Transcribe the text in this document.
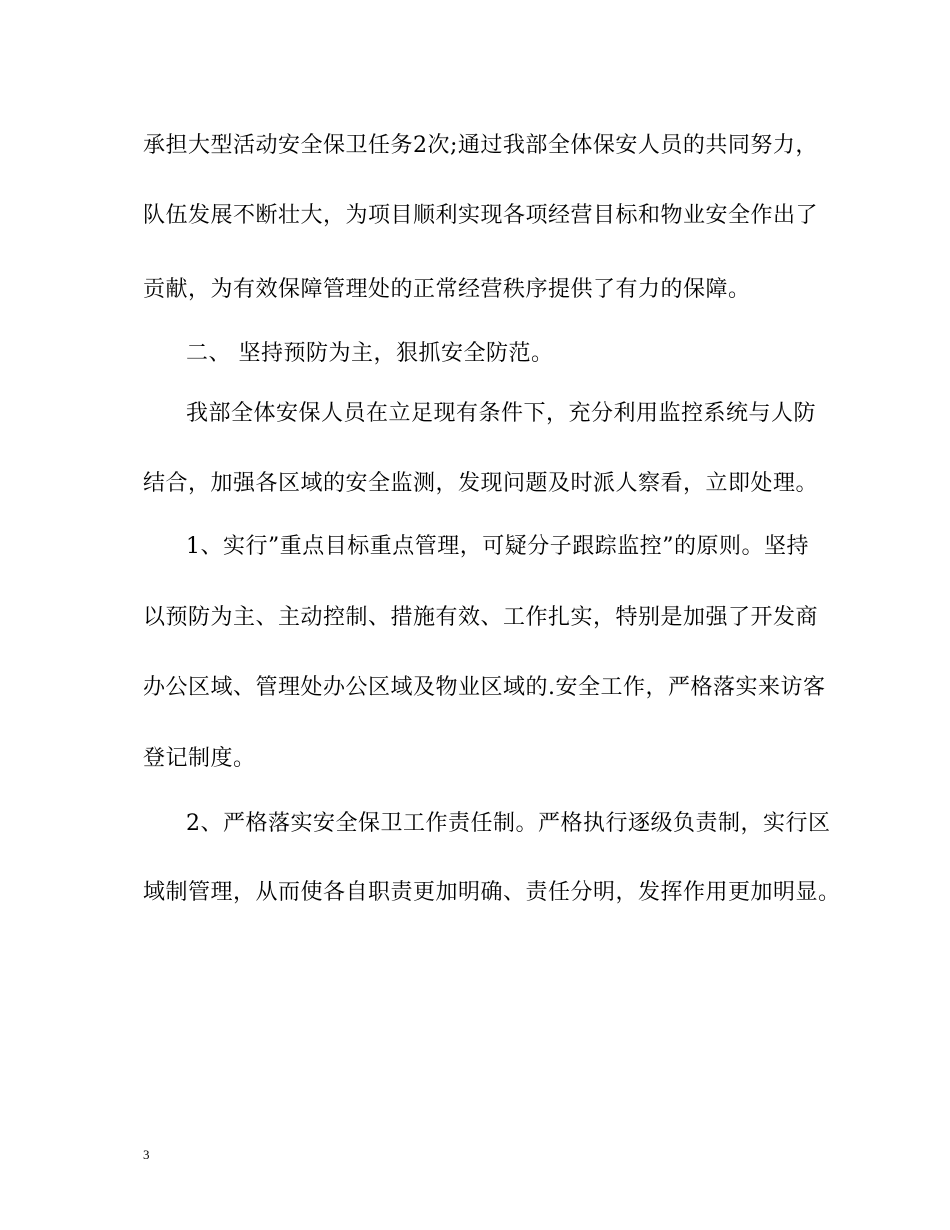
承担大型活动安全保卫任务2次;通过我部全体保安人员的共同努力，
队伍发展不断壮大，为项目顺利实现各项经营目标和物业安全作出了
贡献，为有效保障管理处的正常经营秩序提供了有力的保障。
二、 坚持预防为主，狠抓安全防范。
我部全体安保人员在立足现有条件下，充分利用监控系统与人防
结合，加强各区域的安全监测，发现问题及时派人察看，立即处理。
1、实行”重点目标重点管理，可疑分子跟踪监控”的原则。坚持
以预防为主、主动控制、措施有效、工作扎实，特别是加强了开发商
办公区域、管理处办公区域及物业区域的.安全工作，严格落实来访客
登记制度。
2、严格落实安全保卫工作责任制。严格执行逐级负责制，实行区
域制管理，从而使各自职责更加明确、责任分明，发挥作用更加明显。
3
